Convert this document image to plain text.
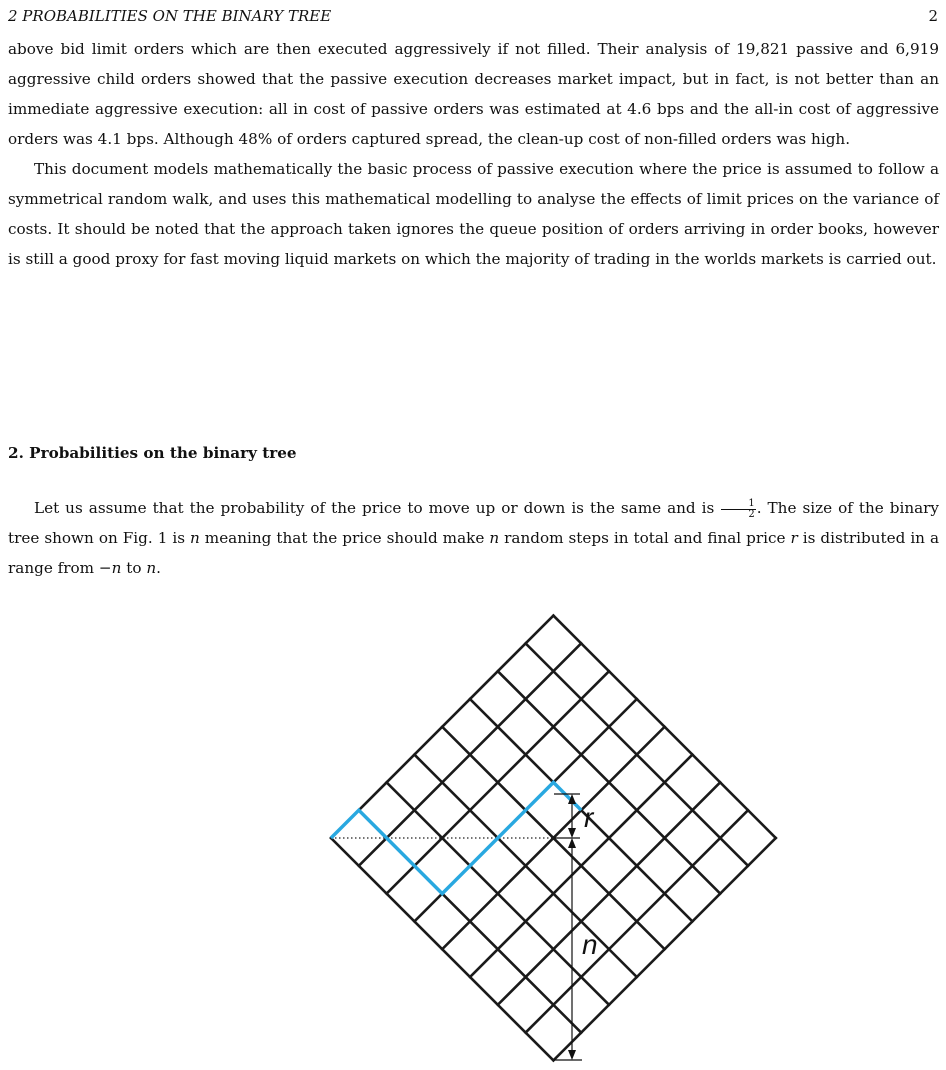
2 PROBABILITIES ON THE BINARY TREE	2

above bid limit orders which are then executed aggressively if not filled. Their analysis of 19,821 passive and 6,919 aggressive child orders showed that the passive execution decreases market impact, but in fact, is not better than an immediate aggressive execution: all in cost of passive orders was estimated at 4.6 bps and the all-in cost of aggressive orders was 4.1 bps. Although 48% of orders captured spread, the clean-up cost of non-filled orders was high.

This document models mathematically the basic process of passive execution where the price is assumed to follow a symmetrical random walk, and uses this mathematical modelling to analyse the effects of limit prices on the variance of costs. It should be noted that the approach taken ignores the queue position of orders arriving in order books, however is still a good proxy for fast moving liquid markets on which the majority of trading in the worlds markets is carried out.

2. Probabilities on the binary tree

Let us assume that the probability of the price to move up or down is the same and is $\frac{1}{2}$ . The size of the binary tree shown on Fig. 1 is n meaning that the price should make n random steps in total and final price r is distributed in a range from −n to n.

r
n
